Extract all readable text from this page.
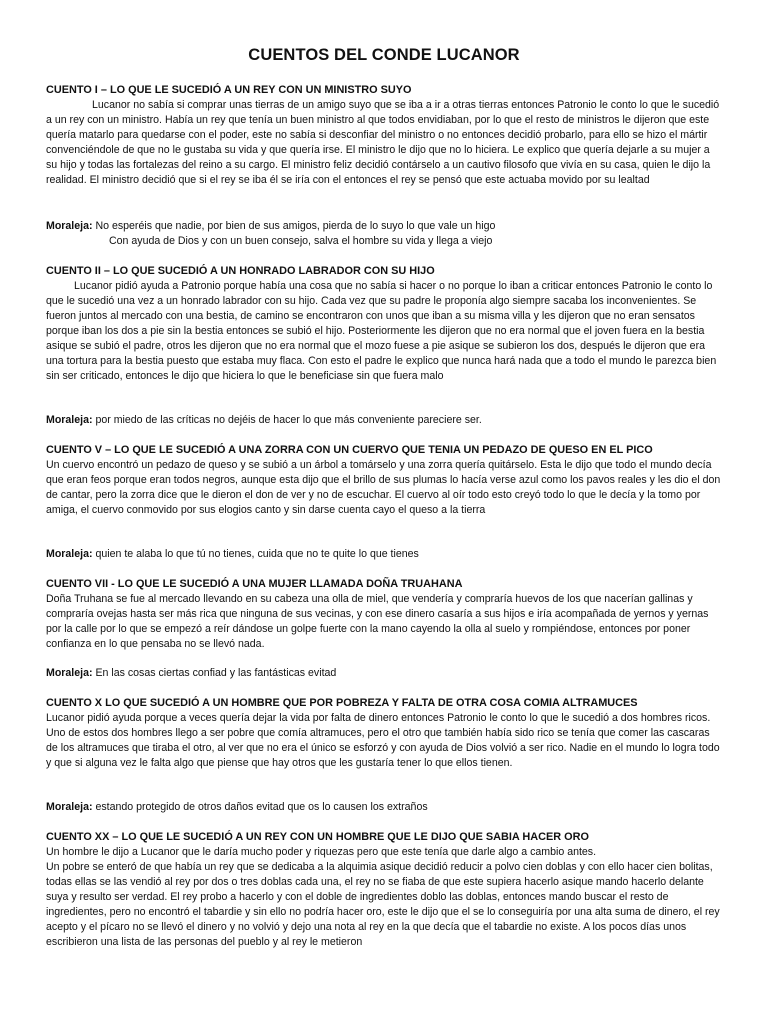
CUENTOS DEL CONDE LUCANOR
CUENTO I – LO QUE LE SUCEDIÓ A UN REY CON UN MINISTRO SUYO
Lucanor no sabía si comprar unas tierras de un amigo suyo que se iba a ir a otras tierras entonces Patronio le conto lo que le sucedió a un rey con un ministro. Había un rey que tenía un buen ministro al que todos envidiaban, por lo que el resto de ministros le dijeron que este quería matarlo para quedarse con el poder, este no sabía si desconfiar del ministro o no entonces decidió probarlo, para ello se hizo el mártir convenciéndole de que no le gustaba su vida y que quería irse. El ministro le dijo que no lo hiciera. Le explico que quería dejarle a su mujer a su hijo y todas las fortalezas del reino a su cargo. El ministro feliz decidió contárselo a un cautivo filosofo que vivía en su casa, quien le dijo la realidad. El ministro decidió que si el rey se iba él se iría con el entonces el rey se pensó que este actuaba movido por su lealtad
Moraleja: No esperéis que nadie, por bien de sus amigos, pierda de lo suyo lo que vale un higo
Con ayuda de Dios y con un buen consejo, salva el hombre su vida y llega a viejo
CUENTO II – LO QUE SUCEDIÓ A UN HONRADO LABRADOR CON SU HIJO
Lucanor pidió ayuda a Patronio porque había una cosa que no sabía si hacer o no porque lo iban a criticar entonces Patronio le conto lo que le sucedió una vez a un honrado labrador con su hijo. Cada vez que su padre le proponía algo siempre sacaba los inconvenientes. Se fueron juntos al mercado con una bestia, de camino se encontraron con unos que iban a su misma villa y les dijeron que no eran sensatos porque iban los dos a pie sin la bestia entonces se subió el hijo. Posteriormente les dijeron que no era normal que el joven fuera en la bestia asique se subió el padre, otros les dijeron que no era normal que el mozo fuese a pie asique se subieron los dos, después le dijeron que era una tortura para la bestia puesto que estaba muy flaca. Con esto el padre le explico que nunca hará nada que a todo el mundo le parezca bien sin ser criticado, entonces le dijo que hiciera lo que le beneficiase sin que fuera malo
Moraleja: por miedo de las críticas no dejéis de hacer lo que más conveniente pareciere ser.
CUENTO V – LO QUE LE SUCEDIÓ A UNA ZORRA CON UN CUERVO QUE TENIA UN PEDAZO DE QUESO EN EL PICO
Un cuervo encontró un pedazo de queso y se subió a un árbol a tomárselo y una zorra quería quitárselo. Esta le dijo que todo el mundo decía que eran feos porque eran todos negros, aunque esta dijo que el brillo de sus plumas lo hacía verse azul como los pavos reales y les dio el don de cantar, pero la zorra dice que le dieron el don de ver y no de escuchar. El cuervo al oír todo esto creyó todo lo que le decía y la tomo por amiga, el cuervo conmovido por sus elogios canto y sin darse cuenta cayo el queso a la tierra
Moraleja: quien te alaba lo que tú no tienes, cuida que no te quite lo que tienes
CUENTO VII - LO QUE LE SUCEDIÓ A UNA MUJER LLAMADA DOÑA TRUAHANA
Doña Truhana se fue al mercado llevando en su cabeza una olla de miel, que vendería y compraría huevos de los que nacerían gallinas y compraría ovejas hasta ser más rica que ninguna de sus vecinas, y con ese dinero casaría a sus hijos e iría acompañada de yernos y yernas por la calle por lo que se empezó a reír dándose un golpe fuerte con la mano cayendo la olla al suelo y rompiéndose, entonces por poner confianza en lo que pensaba no se llevó nada.
Moraleja: En las cosas ciertas confiad y las fantásticas evitad
CUENTO X LO QUE SUCEDIÓ A UN HOMBRE QUE POR POBREZA Y FALTA DE OTRA COSA COMIA ALTRAMUCES
Lucanor pidió ayuda porque a veces quería dejar la vida por falta de dinero entonces Patronio le conto lo que le sucedió a dos hombres ricos. Uno de estos dos hombres llego a ser pobre que comía altramuces, pero el otro que también había sido rico se tenía que comer las cascaras de los altramuces que tiraba el otro, al ver que no era el único se esforzó y con ayuda de Dios volvió a ser rico. Nadie en el mundo lo logra todo y que si alguna vez le falta algo que piense que hay otros que les gustaría tener lo que ellos tienen.
Moraleja: estando protegido de otros daños evitad que os lo causen los extraños
CUENTO XX – LO QUE LE SUCEDIÓ A UN REY CON UN HOMBRE QUE LE DIJO QUE SABIA HACER ORO
Un hombre le dijo a Lucanor que le daría mucho poder y riquezas pero que este tenía que darle algo a cambio antes.
Un pobre se enteró de que había un rey que se dedicaba a la alquimia asique decidió reducir a polvo cien doblas y con ello hacer cien bolitas, todas ellas se las vendió al rey por dos o tres doblas cada una, el rey no se fiaba de que este supiera hacerlo asique mando hacerlo delante suya y resulto ser verdad. El rey probo a hacerlo y con el doble de ingredientes doblo las doblas, entonces mando buscar el resto de ingredientes, pero no encontró el tabardie y sin ello no podría hacer oro, este le dijo que el se lo conseguiría por una alta suma de dinero, el rey acepto y el pícaro no se llevó el dinero y no volvió y dejo una nota al rey en la que decía que el tabardie no existe. A los pocos días unos escribieron una lista de las personas del pueblo y al rey le metieron
